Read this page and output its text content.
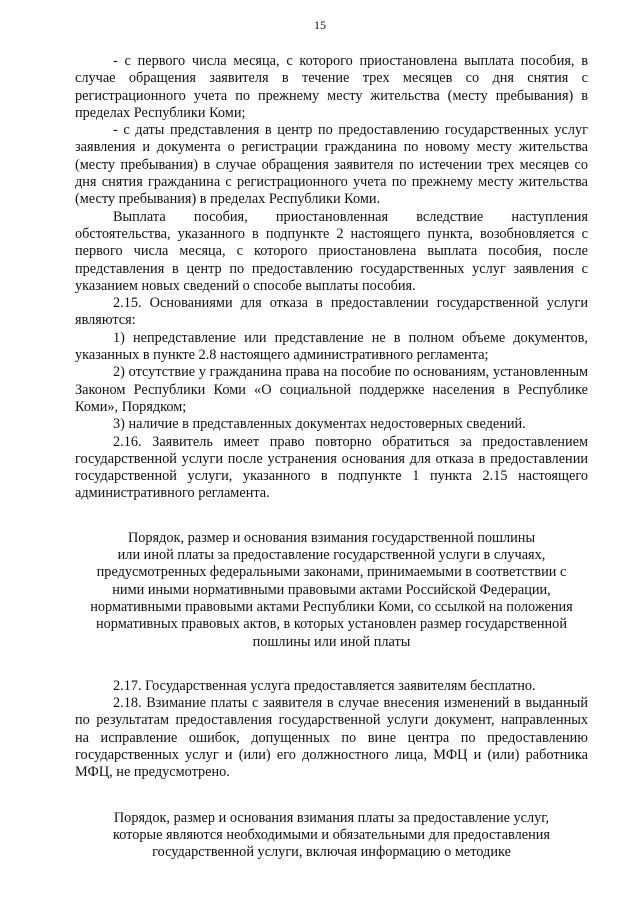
15

- с первого числа месяца, с которого приостановлена выплата пособия, в случае обращения заявителя в течение трех месяцев со дня снятия с регистрационного учета по прежнему месту жительства (месту пребывания) в пределах Республики Коми;

- с даты представления в центр по предоставлению государственных услуг заявления и документа о регистрации гражданина по новому месту жительства (месту пребывания) в случае обращения заявителя по истечении трех месяцев со дня снятия гражданина с регистрационного учета по прежнему месту жительства (месту пребывания) в пределах Республики Коми.

Выплата пособия, приостановленная вследствие наступления обстоятельства, указанного в подпункте 2 настоящего пункта, возобновляется с первого числа месяца, с которого приостановлена выплата пособия, после представления в центр по предоставлению государственных услуг заявления с указанием новых сведений о способе выплаты пособия.

2.15. Основаниями для отказа в предоставлении государственной услуги являются:

1) непредставление или представление не в полном объеме документов, указанных в пункте 2.8 настоящего административного регламента;

2) отсутствие у гражданина права на пособие по основаниям, установленным Законом Республики Коми «О социальной поддержке населения в Республике Коми», Порядком;

3) наличие в представленных документах недостоверных сведений.

2.16. Заявитель имеет право повторно обратиться за предоставлением государственной услуги после устранения основания для отказа в предоставлении государственной услуги, указанного в подпункте 1 пункта 2.15 настоящего административного регламента.

Порядок, размер и основания взимания государственной пошлины
или иной платы за предоставление государственной услуги в случаях,
предусмотренных федеральными законами, принимаемыми в соответствии с
ними иными нормативными правовыми актами Российской Федерации,
нормативными правовыми актами Республики Коми, со ссылкой на положения
нормативных правовых актов, в которых установлен размер государственной
пошлины или иной платы

2.17. Государственная услуга предоставляется заявителям бесплатно.

2.18. Взимание платы с заявителя в случае внесения изменений в выданный по результатам предоставления государственной услуги документ, направленных на исправление ошибок, допущенных по вине центра по предоставлению государственных услуг и (или) его должностного лица, МФЦ и (или) работника МФЦ, не предусмотрено.

Порядок, размер и основания взимания платы за предоставление услуг,
которые являются необходимыми и обязательными для предоставления
государственной услуги, включая информацию о методике
